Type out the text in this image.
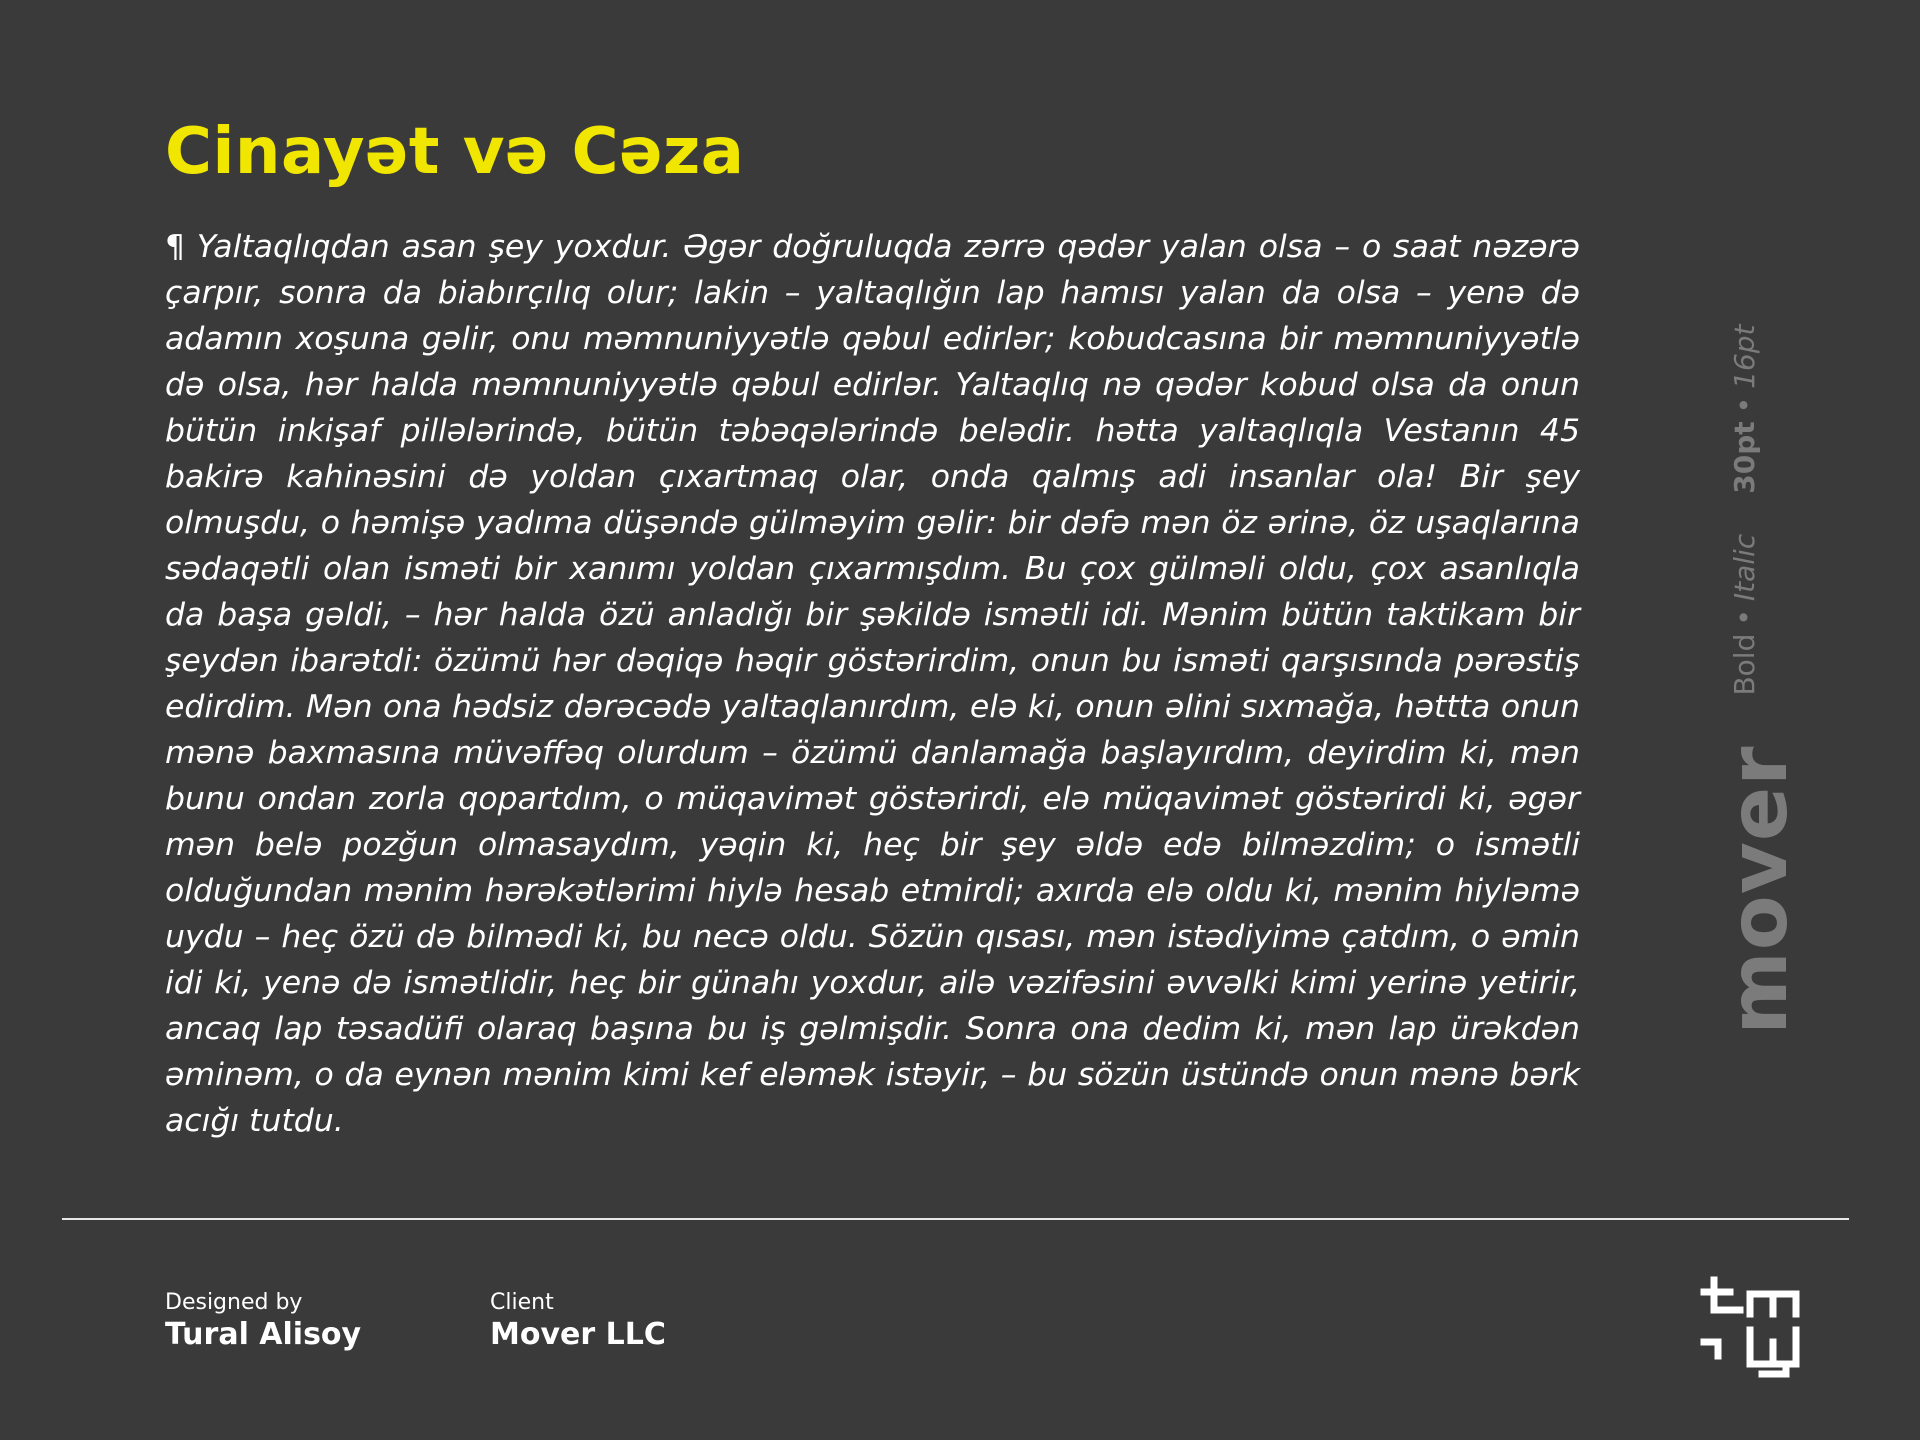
Cinayət və Cəza

¶ Yaltaqlıqdan asan şey yoxdur. Əgər doğruluqda zərrə qədər yalan olsa – o saat nəzərə çarpır, sonra da biabırçılıq olur; lakin – yaltaqlığın lap hamısı yalan da olsa – yenə də adamın xoşuna gəlir, onu məmnuniyyətlə qəbul edirlər; kobudcasına bir məmnuniyyətlə də olsa, hər halda məmnuniyyətlə qəbul edirlər. Yaltaqlıq nə qədər kobud olsa da onun bütün inkişaf pillələrində, bütün təbəqələrində belədir. hətta yaltaqlıqla Vestanın 45 bakirə kahinəsini də yoldan çıxartmaq olar, onda qalmış adi insanlar ola! Bir şey olmuşdu, o həmişə yadıma düşəndə gülməyim gəlir: bir dəfə mən öz ərinə, öz uşaqlarına sədaqətli olan isməti bir xanımı yoldan çıxarmışdım. Bu çox gülməli oldu, çox asanlıqla da başa gəldi, – hər halda özü anladığı bir şəkildə ismətli idi. Mənim bütün taktikam bir şeydən ibarətdi: özümü hər dəqiqə həqir göstərirdim, onun bu isməti qarşısında pərəstiş edirdim. Mən ona hədsiz dərəcədə yaltaqlanırdım, elə ki, onun əlini sıxmağa, həttta onun mənə baxmasına müvəffəq olurdum – özümü danlamağa başlayırdım, deyirdim ki, mən bunu ondan zorla qopartdım, o müqavimət göstərirdi, elə müqavimət göstərirdi ki, əgər mən belə pozğun olmasaydım, yəqin ki, heç bir şey əldə edə bilməzdim; o ismətli olduğundan mənim hərəkətlərimi hiylə hesab etmirdi; axırda elə oldu ki, mənim hiyləmə uydu – heç özü də bilmədi ki, bu necə oldu. Sözün qısası, mən istədiyimə çatdım, o əmin idi ki, yenə də ismətlidir, heç bir günahı yoxdur, ailə vəzifəsini əvvəlki kimi yerinə yetirir, ancaq lap təsadüfi olaraq başına bu iş gəlmişdir. Sonra ona dedim ki, mən lap ürəkdən əminəm, o da eynən mənim kimi kef eləmək istəyir, – bu sözün üstündə onun mənə bərk acığı tutdu.

Bold•Italic30pt•16pt
mover
Designed by
Tural Alisoy
Client
Mover LLC
